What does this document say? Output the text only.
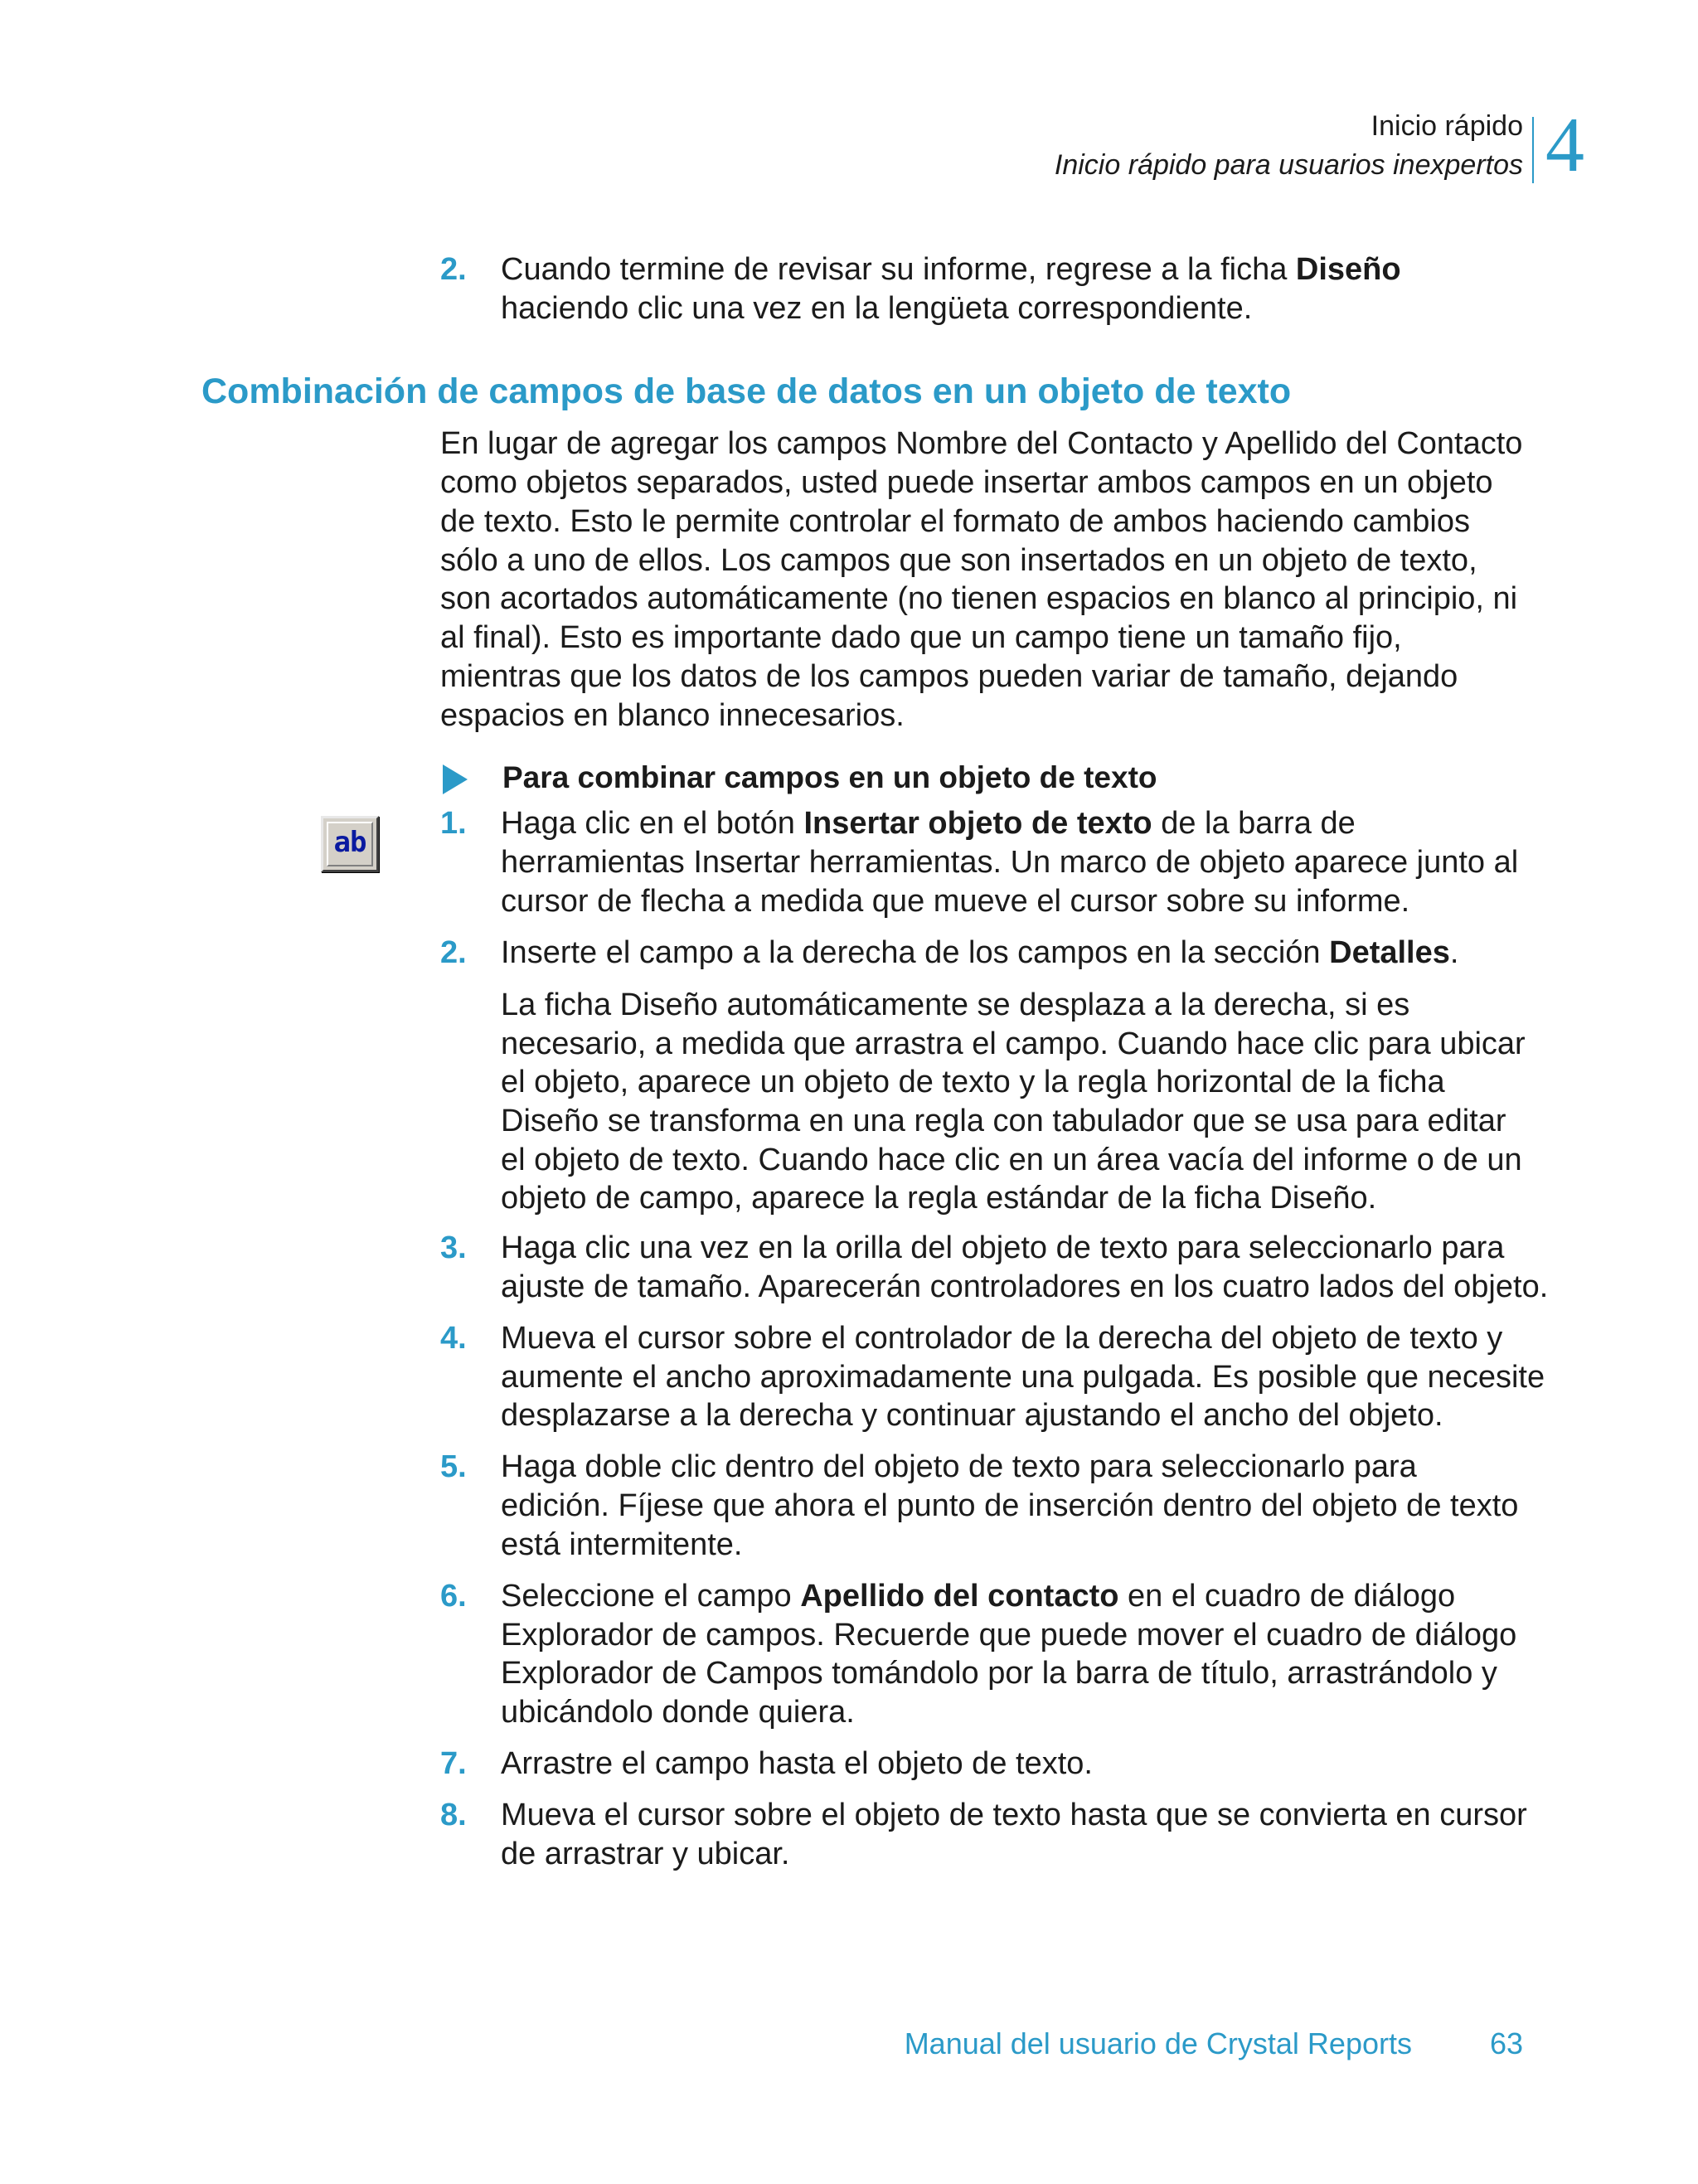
Inicio rápido
Inicio rápido para usuarios inexpertos 4
2. Cuando termine de revisar su informe, regrese a la ficha Diseño
haciendo clic una vez en la lengüeta correspondiente.
Combinación de campos de base de datos en un objeto de texto
En lugar de agregar los campos Nombre del Contacto y Apellido del Contacto
como objetos separados, usted puede insertar ambos campos en un objeto
de texto. Esto le permite controlar el formato de ambos haciendo cambios
sólo a uno de ellos. Los campos que son insertados en un objeto de texto,
son acortados automáticamente (no tienen espacios en blanco al principio, ni
al final). Esto es importante dado que un campo tiene un tamaño fijo,
mientras que los datos de los campos pueden variar de tamaño, dejando
espacios en blanco innecesarios.
Para combinar campos en un objeto de texto
ab
1. Haga clic en el botón Insertar objeto de texto de la barra de
herramientas Insertar herramientas. Un marco de objeto aparece junto al
cursor de flecha a medida que mueve el cursor sobre su informe.
2. Inserte el campo a la derecha de los campos en la sección Detalles.
La ficha Diseño automáticamente se desplaza a la derecha, si es
necesario, a medida que arrastra el campo. Cuando hace clic para ubicar
el objeto, aparece un objeto de texto y la regla horizontal de la ficha
Diseño se transforma en una regla con tabulador que se usa para editar
el objeto de texto. Cuando hace clic en un área vacía del informe o de un
objeto de campo, aparece la regla estándar de la ficha Diseño.
3. Haga clic una vez en la orilla del objeto de texto para seleccionarlo para
ajuste de tamaño. Aparecerán controladores en los cuatro lados del objeto.
4. Mueva el cursor sobre el controlador de la derecha del objeto de texto y
aumente el ancho aproximadamente una pulgada. Es posible que necesite
desplazarse a la derecha y continuar ajustando el ancho del objeto.
5. Haga doble clic dentro del objeto de texto para seleccionarlo para
edición. Fíjese que ahora el punto de inserción dentro del objeto de texto
está intermitente.
6. Seleccione el campo Apellido del contacto en el cuadro de diálogo
Explorador de campos. Recuerde que puede mover el cuadro de diálogo
Explorador de Campos tomándolo por la barra de título, arrastrándolo y
ubicándolo donde quiera.
7. Arrastre el campo hasta el objeto de texto.
8. Mueva el cursor sobre el objeto de texto hasta que se convierta en cursor
de arrastrar y ubicar.
Manual del usuario de Crystal Reports	63
